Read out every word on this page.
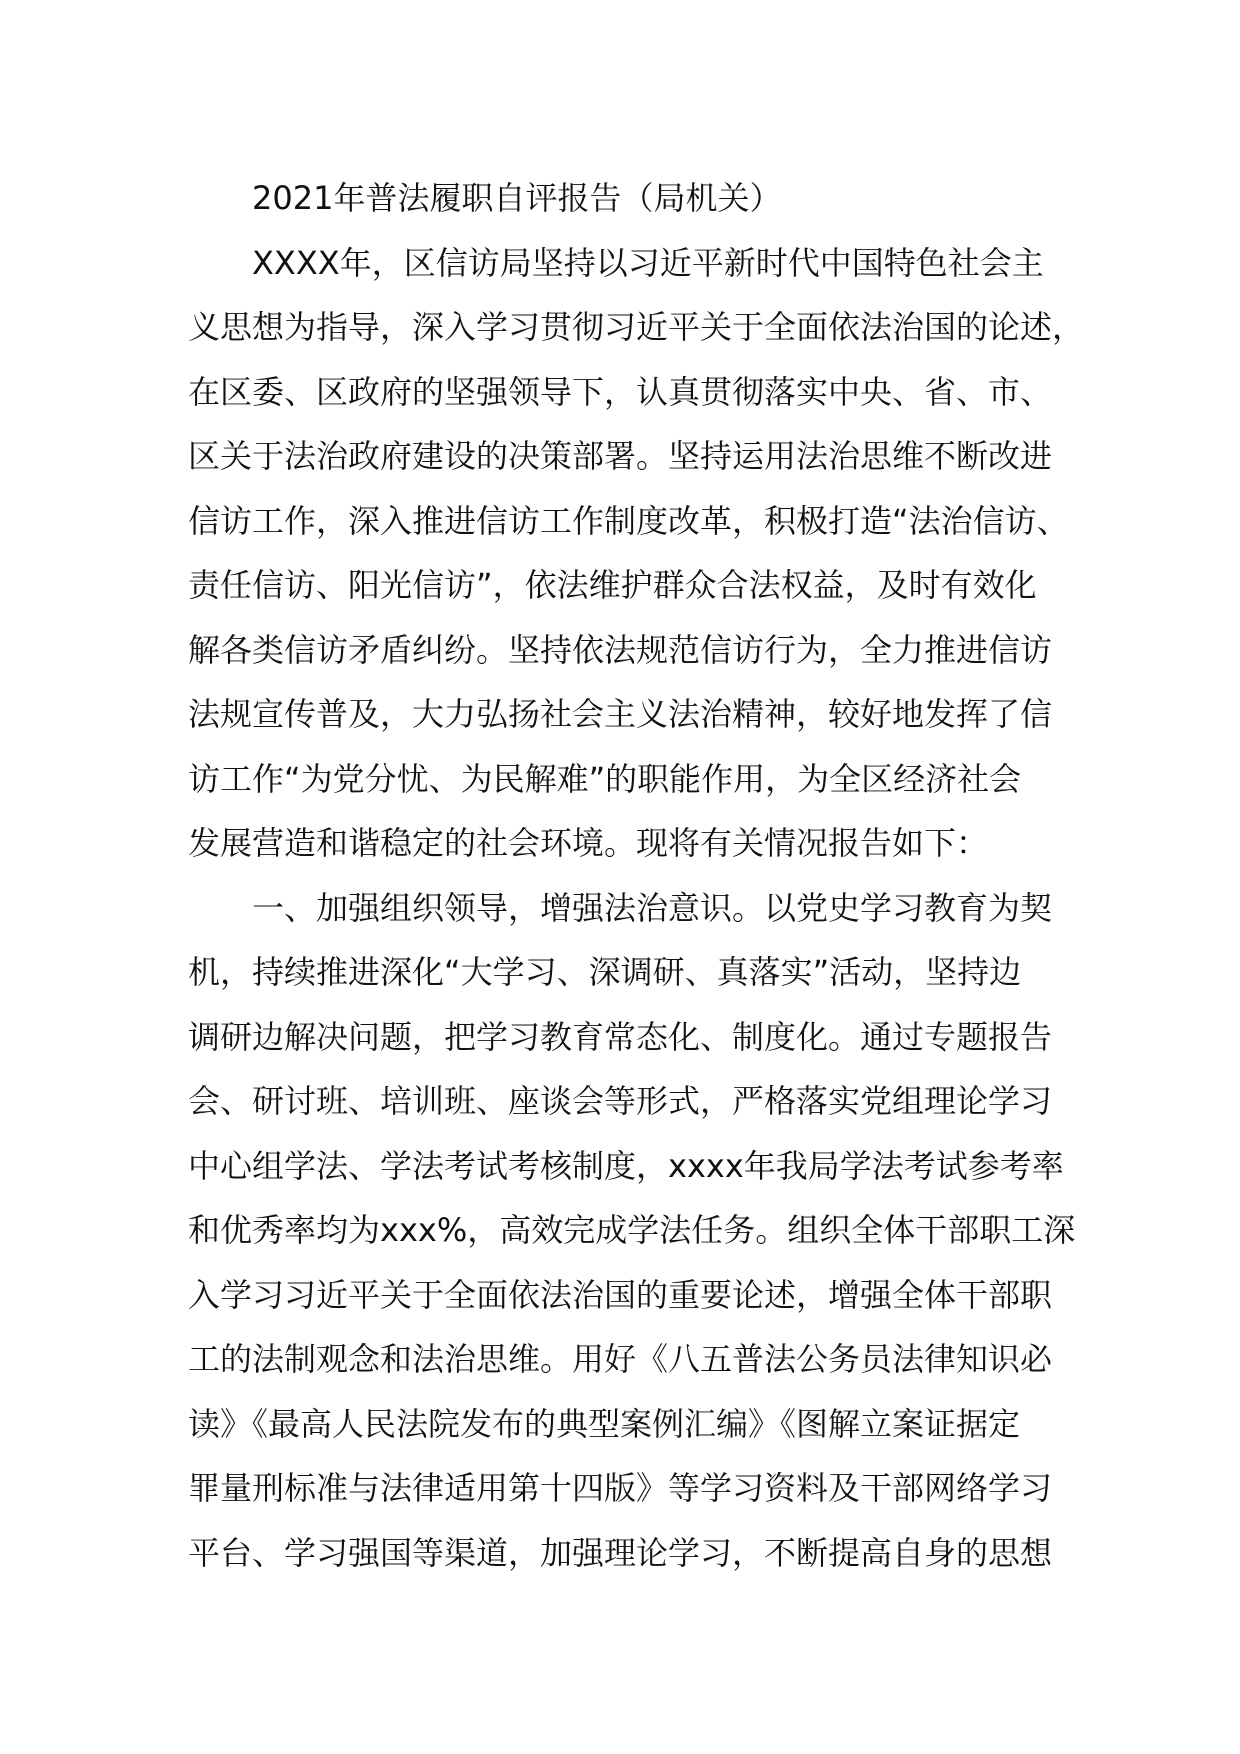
2021年普法履职自评报告（局机关）
XXXX年，区信访局坚持以习近平新时代中国特色社会主
义思想为指导，深入学习贯彻习近平关于全面依法治国的论述，
在区委、区政府的坚强领导下，认真贯彻落实中央、省、市、
区关于法治政府建设的决策部署。坚持运用法治思维不断改进
信访工作，深入推进信访工作制度改革，积极打造“法治信访、
责任信访、阳光信访”，依法维护群众合法权益，及时有效化
解各类信访矛盾纠纷。坚持依法规范信访行为，全力推进信访
法规宣传普及，大力弘扬社会主义法治精神，较好地发挥了信
访工作“为党分忧、为民解难”的职能作用，为全区经济社会
发展营造和谐稳定的社会环境。现将有关情况报告如下：
一、加强组织领导，增强法治意识。以党史学习教育为契
机，持续推进深化“大学习、深调研、真落实”活动，坚持边
调研边解决问题，把学习教育常态化、制度化。通过专题报告
会、研讨班、培训班、座谈会等形式，严格落实党组理论学习
中心组学法、学法考试考核制度，xxxx年我局学法考试参考率
和优秀率均为xxx%，高效完成学法任务。组织全体干部职工深
入学习习近平关于全面依法治国的重要论述，增强全体干部职
工的法制观念和法治思维。用好《八五普法公务员法律知识必
读》《最高人民法院发布的典型案例汇编》《图解立案证据定
罪量刑标准与法律适用第十四版》等学习资料及干部网络学习
平台、学习强国等渠道，加强理论学习，不断提高自身的思想
